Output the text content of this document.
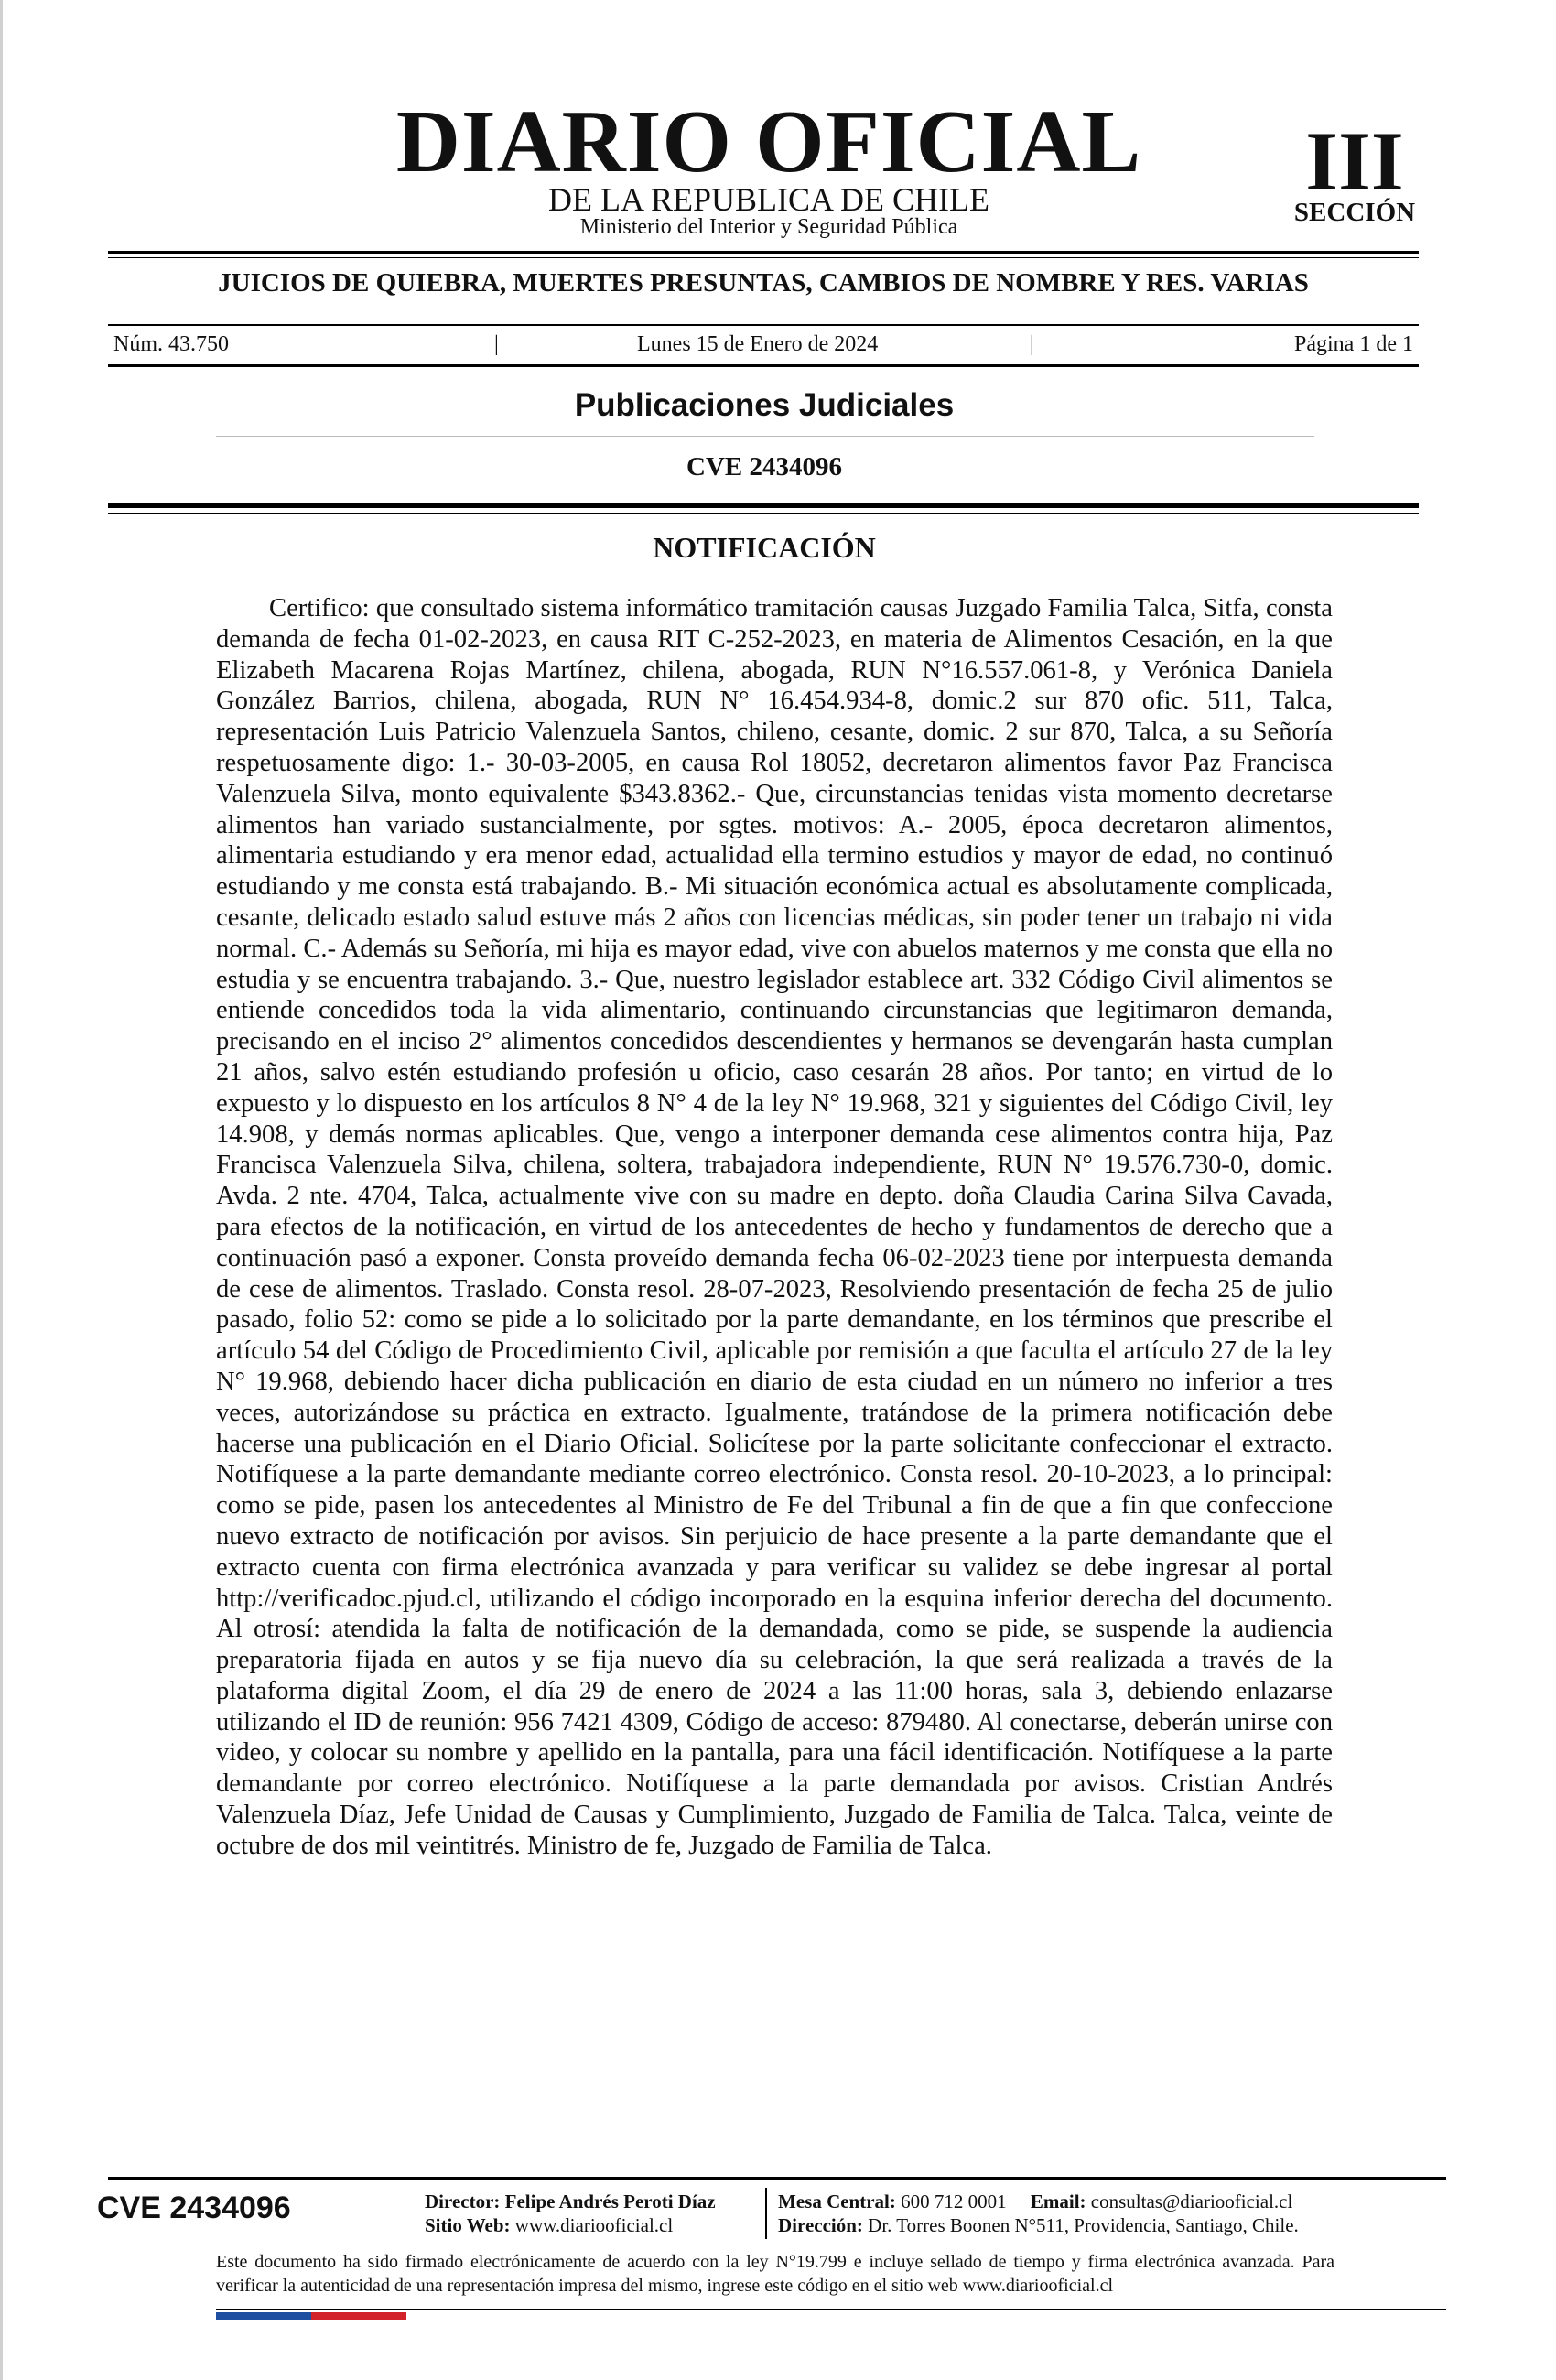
DIARIO OFICIAL
DE LA REPUBLICA DE CHILE
Ministerio del Interior y Seguridad Pública
III
SECCIÓN
JUICIOS DE QUIEBRA, MUERTES PRESUNTAS, CAMBIOS DE NOMBRE Y RES. VARIAS
Núm. 43.750	|	Lunes 15 de Enero de 2024	|	Página 1 de 1
Publicaciones Judiciales
CVE 2434096
NOTIFICACIÓN
Certifico: que consultado sistema informático tramitación causas Juzgado Familia Talca, Sitfa, consta demanda de fecha 01-02-2023, en causa RIT C-252-2023, en materia de Alimentos Cesación, en la que Elizabeth Macarena Rojas Martínez, chilena, abogada, RUN N°16.557.061-8, y Verónica Daniela González Barrios, chilena, abogada, RUN N° 16.454.934-8, domic.2 sur 870 ofic. 511, Talca, representación Luis Patricio Valenzuela Santos, chileno, cesante, domic. 2 sur 870, Talca, a su Señoría respetuosamente digo: 1.- 30-03-2005, en causa Rol 18052, decretaron alimentos favor Paz Francisca Valenzuela Silva, monto equivalente $343.8362.- Que, circunstancias tenidas vista momento decretarse alimentos han variado sustancialmente, por sgtes. motivos: A.- 2005, época decretaron alimentos, alimentaria estudiando y era menor edad, actualidad ella termino estudios y mayor de edad, no continuó estudiando y me consta está trabajando. B.- Mi situación económica actual es absolutamente complicada, cesante, delicado estado salud estuve más 2 años con licencias médicas, sin poder tener un trabajo ni vida normal. C.- Además su Señoría, mi hija es mayor edad, vive con abuelos maternos y me consta que ella no estudia y se encuentra trabajando. 3.- Que, nuestro legislador establece art. 332 Código Civil alimentos se entiende concedidos toda la vida alimentario, continuando circunstancias que legitimaron demanda, precisando en el inciso 2° alimentos concedidos descendientes y hermanos se devengarán hasta cumplan 21 años, salvo estén estudiando profesión u oficio, caso cesarán 28 años. Por tanto; en virtud de lo expuesto y lo dispuesto en los artículos 8 N° 4 de la ley N° 19.968, 321 y siguientes del Código Civil, ley 14.908, y demás normas aplicables. Que, vengo a interponer demanda cese alimentos contra hija, Paz Francisca Valenzuela Silva, chilena, soltera, trabajadora independiente, RUN N° 19.576.730-0, domic. Avda. 2 nte. 4704, Talca, actualmente vive con su madre en depto. doña Claudia Carina Silva Cavada, para efectos de la notificación, en virtud de los antecedentes de hecho y fundamentos de derecho que a continuación pasó a exponer. Consta proveído demanda fecha 06-02-2023 tiene por interpuesta demanda de cese de alimentos. Traslado. Consta resol. 28-07-2023, Resolviendo presentación de fecha 25 de julio pasado, folio 52: como se pide a lo solicitado por la parte demandante, en los términos que prescribe el artículo 54 del Código de Procedimiento Civil, aplicable por remisión a que faculta el artículo 27 de la ley N° 19.968, debiendo hacer dicha publicación en diario de esta ciudad en un número no inferior a tres veces, autorizándose su práctica en extracto. Igualmente, tratándose de la primera notificación debe hacerse una publicación en el Diario Oficial. Solicítese por la parte solicitante confeccionar el extracto. Notifíquese a la parte demandante mediante correo electrónico. Consta resol. 20-10-2023, a lo principal: como se pide, pasen los antecedentes al Ministro de Fe del Tribunal a fin de que a fin que confeccione nuevo extracto de notificación por avisos. Sin perjuicio de hace presente a la parte demandante que el extracto cuenta con firma electrónica avanzada y para verificar su validez se debe ingresar al portal http://verificadoc.pjud.cl, utilizando el código incorporado en la esquina inferior derecha del documento. Al otrosí: atendida la falta de notificación de la demandada, como se pide, se suspende la audiencia preparatoria fijada en autos y se fija nuevo día su celebración, la que será realizada a través de la plataforma digital Zoom, el día 29 de enero de 2024 a las 11:00 horas, sala 3, debiendo enlazarse utilizando el ID de reunión: 956 7421 4309, Código de acceso: 879480. Al conectarse, deberán unirse con video, y colocar su nombre y apellido en la pantalla, para una fácil identificación. Notifíquese a la parte demandante por correo electrónico. Notifíquese a la parte demandada por avisos. Cristian Andrés Valenzuela Díaz, Jefe Unidad de Causas y Cumplimiento, Juzgado de Familia de Talca. Talca, veinte de octubre de dos mil veintitrés. Ministro de fe, Juzgado de Familia de Talca.
CVE 2434096	Director: Felipe Andrés Peroti Díaz
Sitio Web: www.diariooficial.cl
Mesa Central: 600 712 0001 Email: consultas@diariooficial.cl
Dirección: Dr. Torres Boonen N°511, Providencia, Santiago, Chile.
Este documento ha sido firmado electrónicamente de acuerdo con la ley N°19.799 e incluye sellado de tiempo y firma electrónica avanzada. Para verificar la autenticidad de una representación impresa del mismo, ingrese este código en el sitio web www.diariooficial.cl
